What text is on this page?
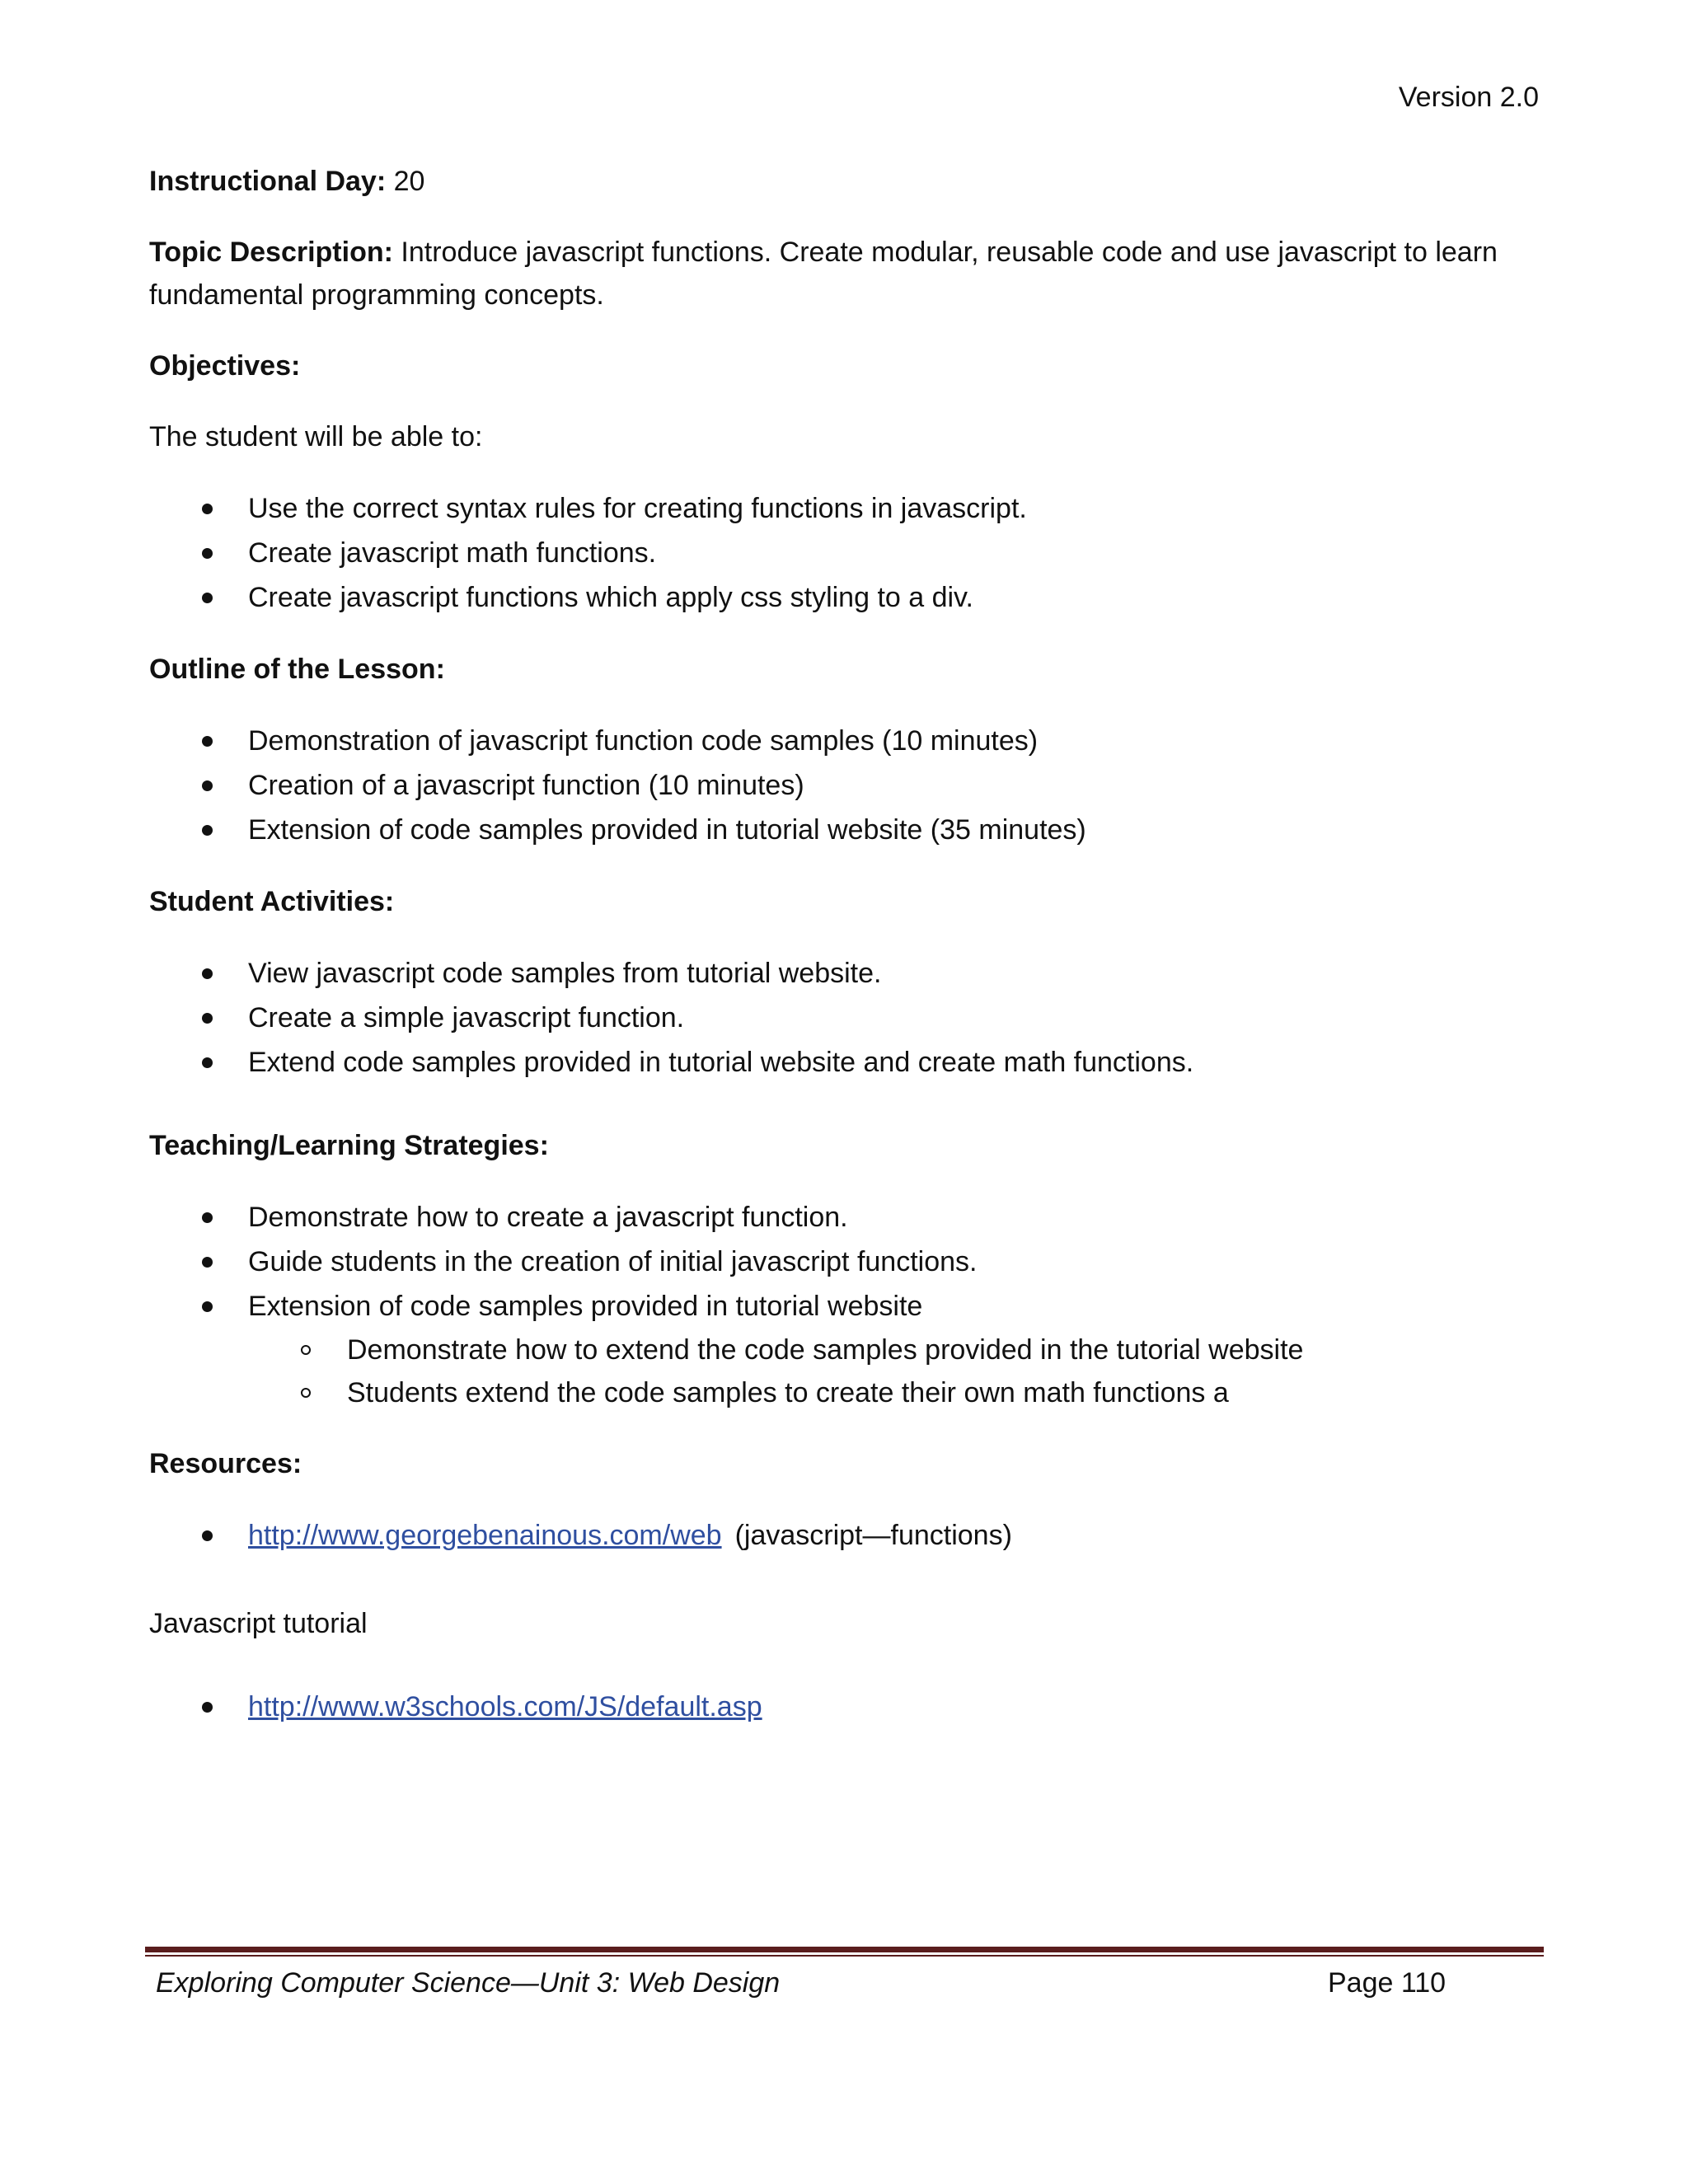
Version 2.0

Instructional Day: 20

Topic Description: Introduce javascript functions. Create modular, reusable code and use javascript to learn fundamental programming concepts.

Objectives:

The student will be able to:

Use the correct syntax rules for creating functions in javascript.
Create javascript math functions.
Create javascript functions which apply css styling to a div.

Outline of the Lesson:

Demonstration of javascript function code samples (10 minutes)
Creation of a javascript function (10 minutes)
Extension of code samples provided in tutorial website (35 minutes)

Student Activities:

View javascript code samples from tutorial website.
Create a simple javascript function.
Extend code samples provided in tutorial website and create math functions.

Teaching/Learning Strategies:

Demonstrate how to create a javascript function.
Guide students in the creation of initial javascript functions.
Extension of code samples provided in tutorial website
Demonstrate how to extend the code samples provided in the tutorial website
Students extend the code samples to create their own math functions a

Resources:

http://www.georgebenainous.com/web (javascript—functions)

Javascript tutorial

http://www.w3schools.com/JS/default.asp
Exploring Computer Science—Unit 3: Web Design	Page 110
